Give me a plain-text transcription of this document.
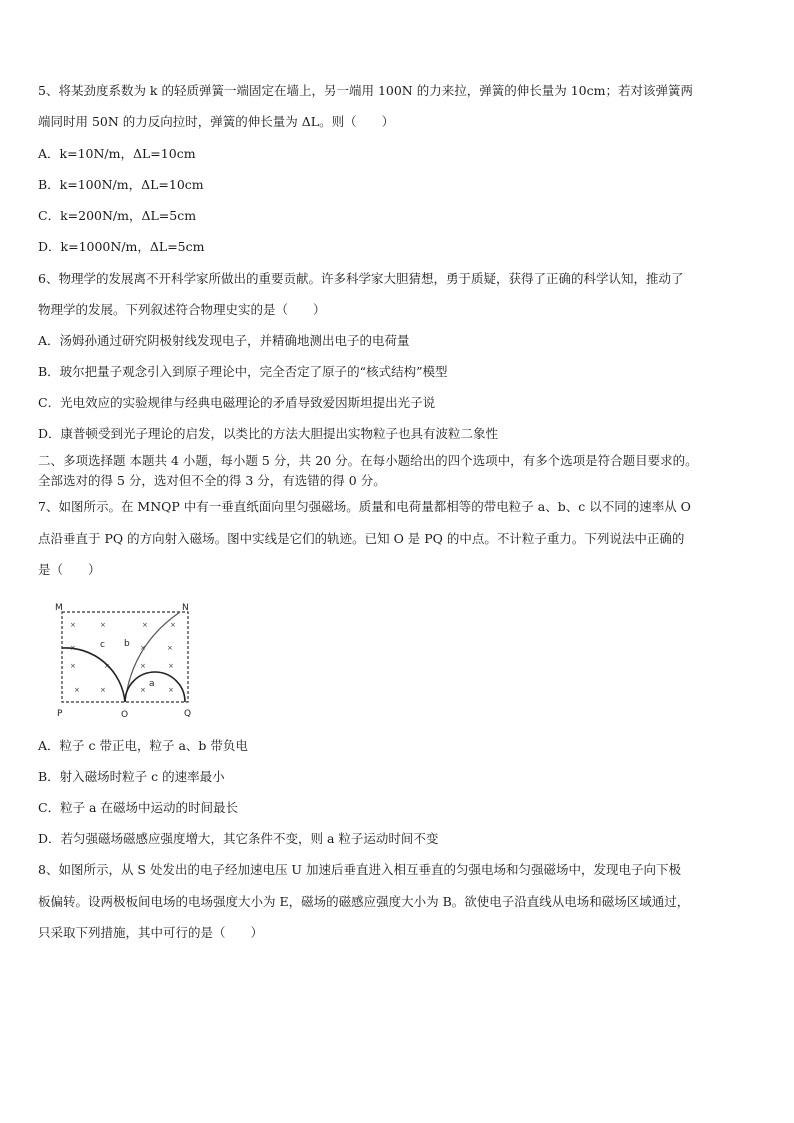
5、将某劲度系数为 k 的轻质弹簧一端固定在墙上，另一端用 100N 的力来拉，弹簧的伸长量为 10cm；若对该弹簧两
端同时用 50N 的力反向拉时，弹簧的伸长量为 ΔL。则（　　）
A．k=10N/m，ΔL=10cm
B．k=100N/m，ΔL=10cm
C．k=200N/m，ΔL=5cm
D．k=1000N/m，ΔL=5cm
6、物理学的发展离不开科学家所做出的重要贡献。许多科学家大胆猜想，勇于质疑，获得了正确的科学认知，推动了
物理学的发展。下列叙述符合物理史实的是（　　）
A．汤姆孙通过研究阴极射线发现电子，并精确地测出电子的电荷量
B．玻尔把量子观念引入到原子理论中，完全否定了原子的“核式结构”模型
C．光电效应的实验规律与经典电磁理论的矛盾导致爱因斯坦提出光子说
D．康普顿受到光子理论的启发，以类比的方法大胆提出实物粒子也具有波粒二象性
二、多项选择题 本题共 4 小题，每小题 5 分，共 20 分。在每小题给出的四个选项中，有多个选项是符合题目要求的。
全部选对的得 5 分，选对但不全的得 3 分，有选错的得 0 分。
7、如图所示。在 MNQP 中有一垂直纸面向里匀强磁场。质量和电荷量都相等的带电粒子 a、b、c 以不同的速率从 O
点沿垂直于 PQ 的方向射入磁场。图中实线是它们的轨迹。已知 O 是 PQ 的中点。不计粒子重力。下列说法中正确的
是（　　）
×	×	×	×
×	×	×
×	×	×	×
×	×	×	×
M	N
P	O	Q
a
b
c
A．粒子 c 带正电，粒子 a、b 带负电
B．射入磁场时粒子 c 的速率最小
C．粒子 a 在磁场中运动的时间最长
D．若匀强磁场磁感应强度增大，其它条件不变，则 a 粒子运动时间不变
8、如图所示，从 S 处发出的电子经加速电压 U 加速后垂直进入相互垂直的匀强电场和匀强磁场中，发现电子向下极
板偏转。设两极板间电场的电场强度大小为 E，磁场的磁感应强度大小为 B。欲使电子沿直线从电场和磁场区域通过，
只采取下列措施，其中可行的是（　　）
